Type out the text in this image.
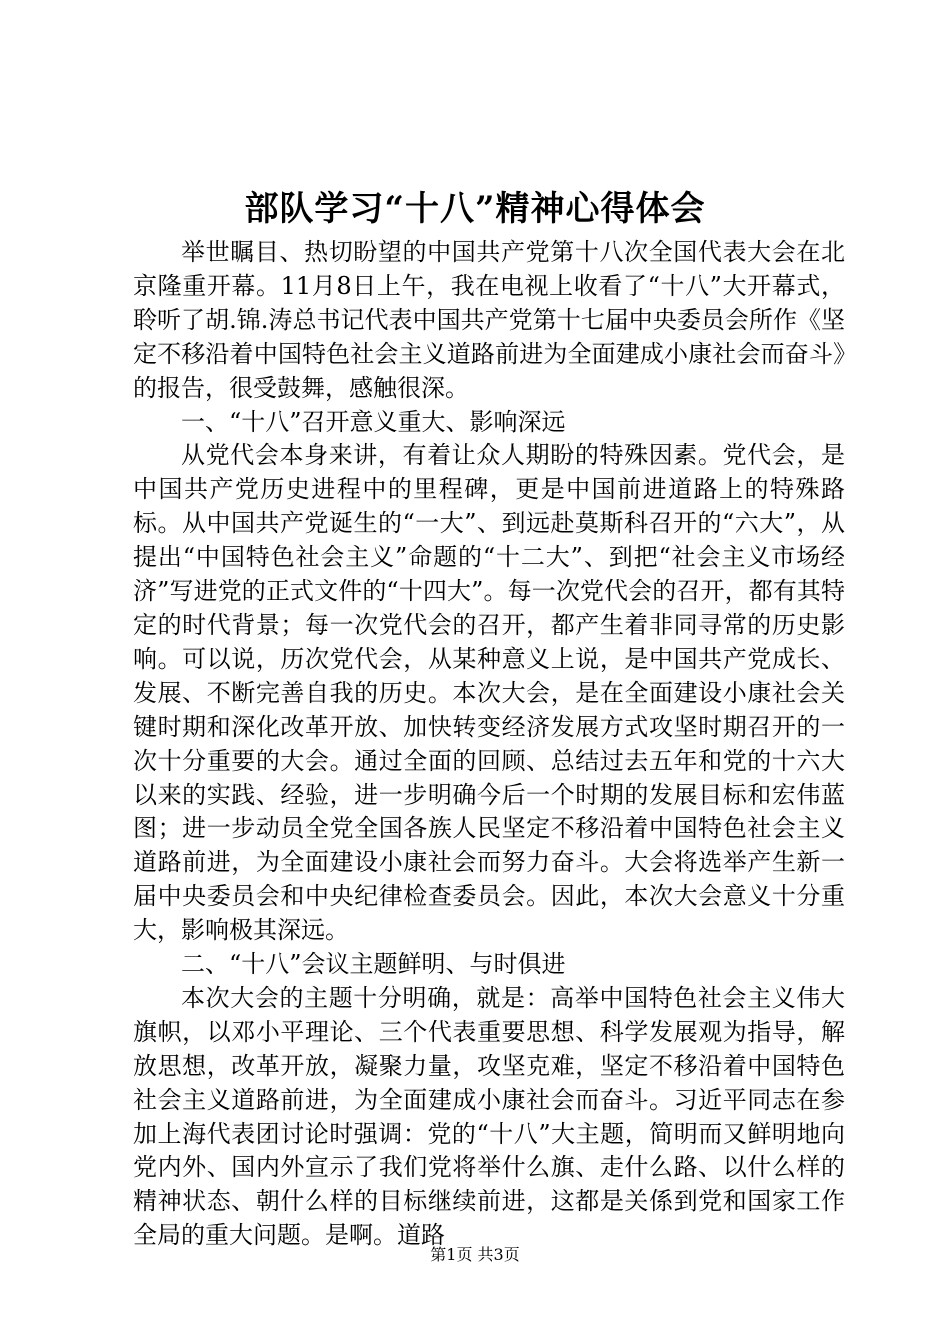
部队学习“十八”精神心得体会

举世瞩目、热切盼望的中国共产党第十八次全国代表大会在北京隆重开幕。11月8日上午，我在电视上收看了“十八”大开幕式，聆听了胡.锦.涛总书记代表中国共产党第十七届中央委员会所作《坚定不移沿着中国特色社会主义道路前进为全面建成小康社会而奋斗》的报告，很受鼓舞，感触很深。

一、“十八”召开意义重大、影响深远

从党代会本身来讲，有着让众人期盼的特殊因素。党代会，是中国共产党历史进程中的里程碑，更是中国前进道路上的特殊路标。从中国共产党诞生的“一大”、到远赴莫斯科召开的“六大”，从提出“中国特色社会主义”命题的“十二大”、到把“社会主义市场经济”写进党的正式文件的“十四大”。每一次党代会的召开，都有其特定的时代背景；每一次党代会的召开，都产生着非同寻常的历史影响。可以说，历次党代会，从某种意义上说，是中国共产党成长、发展、不断完善自我的历史。本次大会，是在全面建设小康社会关键时期和深化改革开放、加快转变经济发展方式攻坚时期召开的一次十分重要的大会。通过全面的回顾、总结过去五年和党的十六大以来的实践、经验，进一步明确今后一个时期的发展目标和宏伟蓝图；进一步动员全党全国各族人民坚定不移沿着中国特色社会主义道路前进，为全面建设小康社会而努力奋斗。大会将选举产生新一届中央委员会和中央纪律检查委员会。因此，本次大会意义十分重大，影响极其深远。

二、“十八”会议主题鲜明、与时俱进

本次大会的主题十分明确，就是：高举中国特色社会主义伟大旗帜，以邓小平理论、三个代表重要思想、科学发展观为指导，解放思想，改革开放，凝聚力量，攻坚克难，坚定不移沿着中国特色社会主义道路前进，为全面建成小康社会而奋斗。习近平同志在参加上海代表团讨论时强调：党的“十八”大主题，简明而又鲜明地向党内外、国内外宣示了我们党将举什么旗、走什么路、以什么样的精神状态、朝什么样的目标继续前进，这都是关係到党和国家工作全局的重大问题。是啊。道路

第1页 共3页
